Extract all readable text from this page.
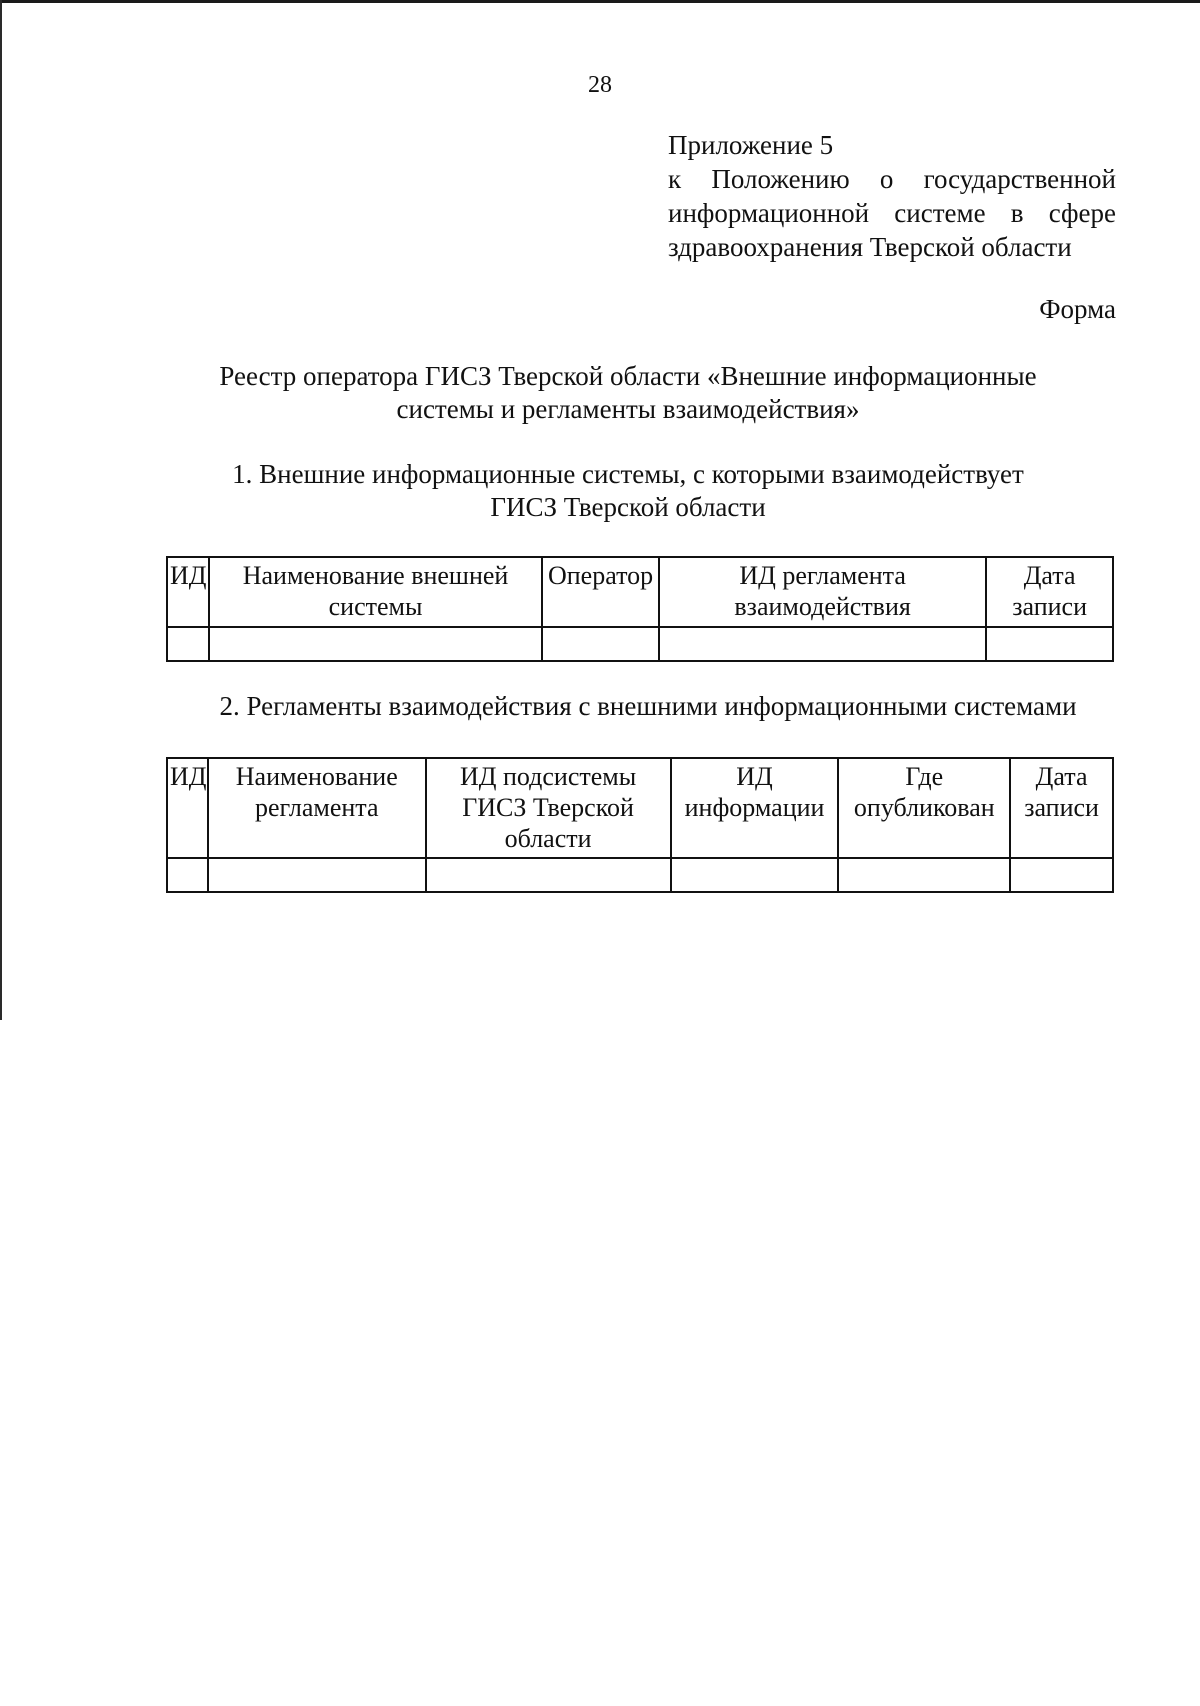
28
Приложение 5
к Положению о государственной
информационной системе в сфере
здравоохранения Тверской области
Форма
Реестр оператора ГИСЗ Тверской области «Внешние информационные
системы и регламенты взаимодействия»
1. Внешние информационные системы, с которыми взаимодействует
ГИСЗ Тверской области
ИД	Наименование внешней системы	Оператор	ИД регламента взаимодействия	Дата записи

2. Регламенты взаимодействия с внешними информационными системами
ИД	Наименование регламента	ИД подсистемы ГИСЗ Тверской области	ИД информации	Где опубликован	Дата записи
